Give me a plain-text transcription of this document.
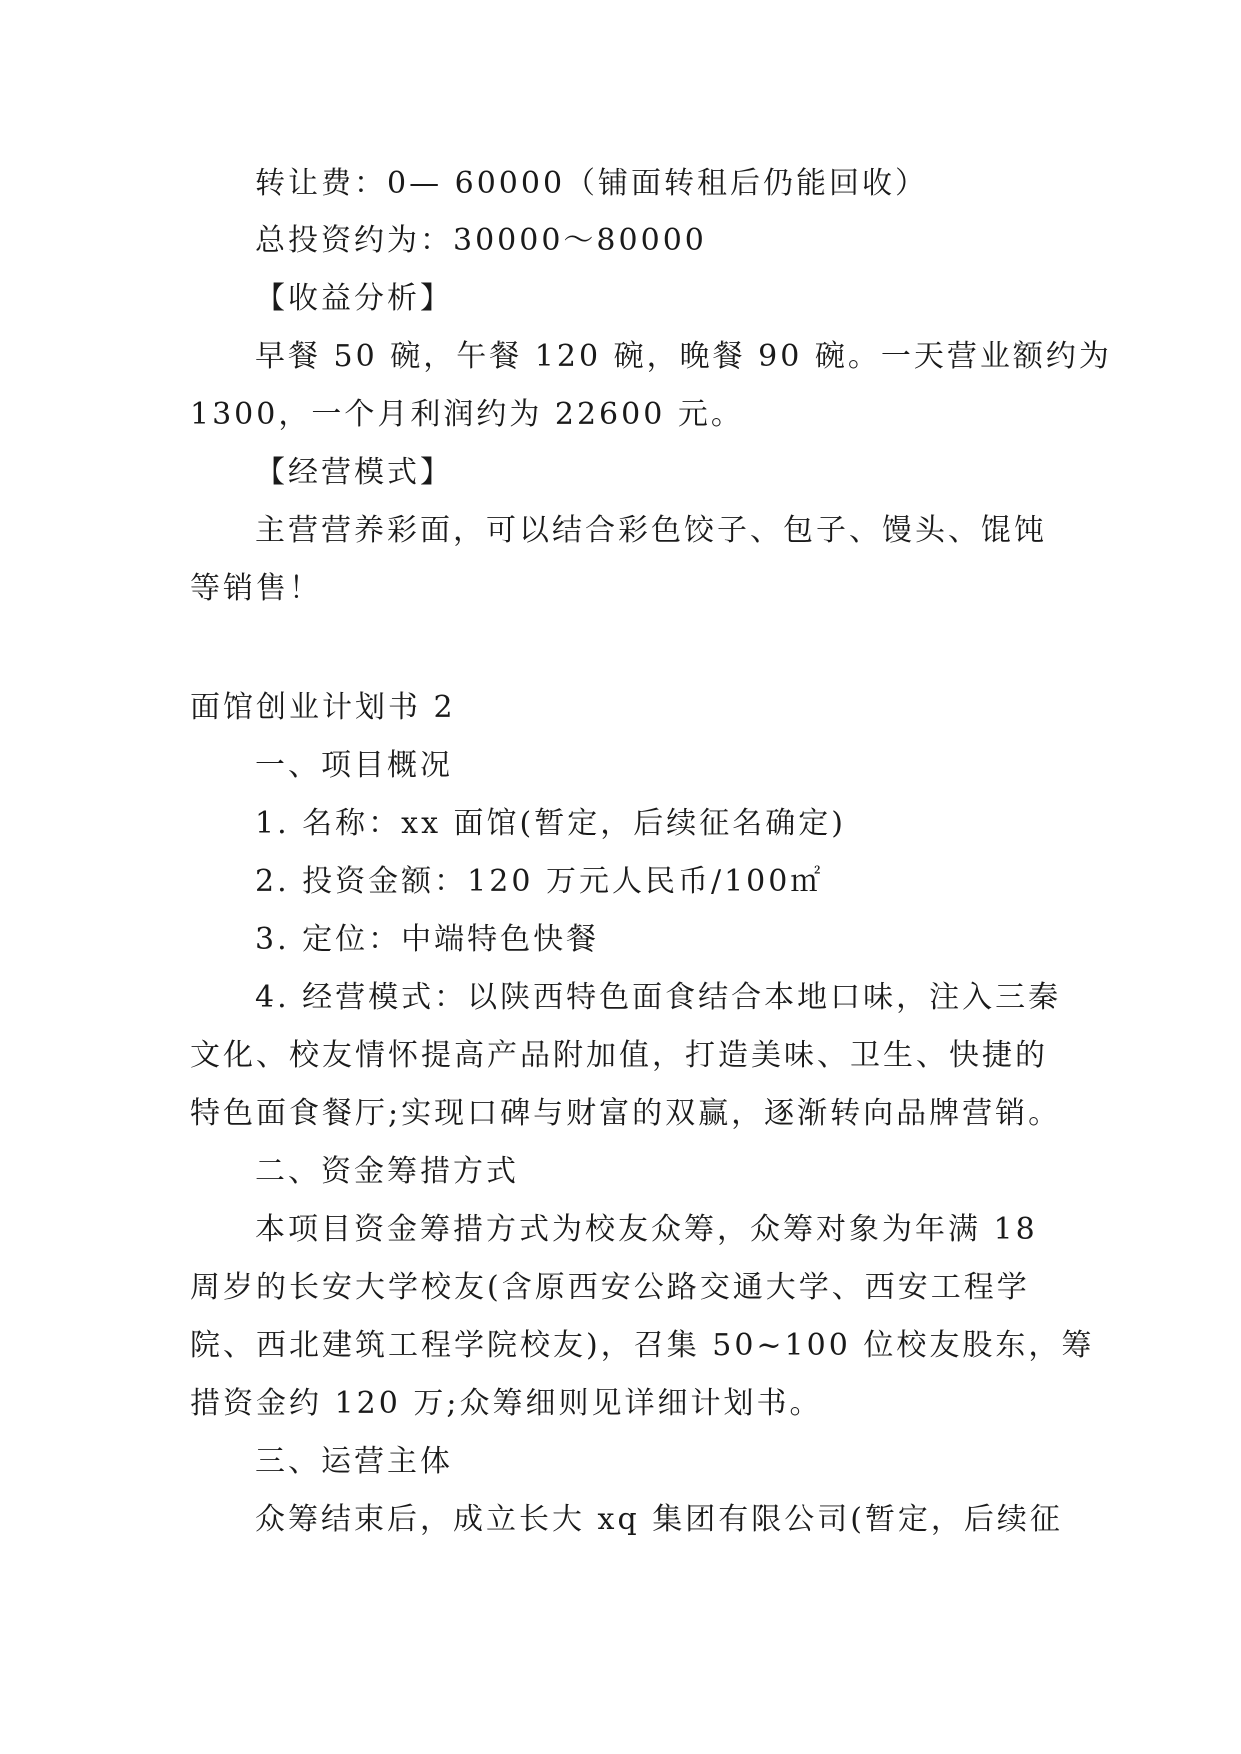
转让费：0— 60000（铺面转租后仍能回收）
总投资约为：30000～80000
【收益分析】
早餐 50 碗，午餐 120 碗，晚餐 90 碗。一天营业额约为
1300，一个月利润约为 22600 元。
【经营模式】
主营营养彩面，可以结合彩色饺子、包子、馒头、馄饨
等销售！
面馆创业计划书 2
一、项目概况
1. 名称：xx 面馆(暂定，后续征名确定)
2. 投资金额：120 万元人民币/100㎡
3. 定位：中端特色快餐
4. 经营模式：以陕西特色面食结合本地口味，注入三秦
文化、校友情怀提高产品附加值，打造美味、卫生、快捷的
特色面食餐厅;实现口碑与财富的双赢，逐渐转向品牌营销。
二、资金筹措方式
本项目资金筹措方式为校友众筹，众筹对象为年满 18
周岁的长安大学校友(含原西安公路交通大学、西安工程学
院、西北建筑工程学院校友)，召集 50~100 位校友股东，筹
措资金约 120 万;众筹细则见详细计划书。
三、运营主体
众筹结束后，成立长大 xq 集团有限公司(暂定，后续征
